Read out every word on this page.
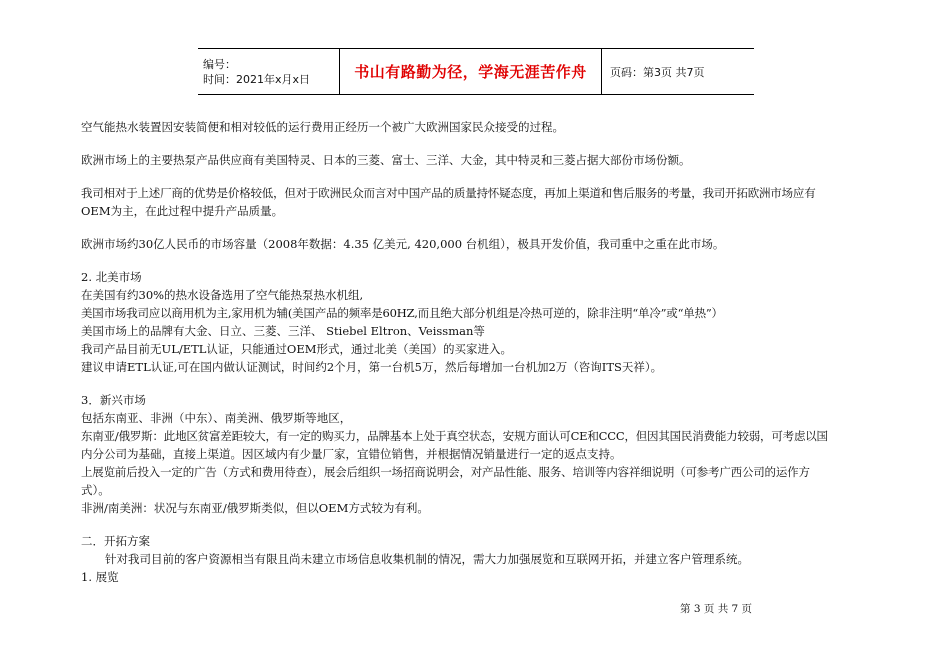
编号：
时间：2021年x月x日	书山有路勤为径，学海无涯苦作舟	页码：第3页 共7页

空气能热水装置因安装简便和相对较低的运行费用正经历一个被广大欧洲国家民众接受的过程。

欧洲市场上的主要热泵产品供应商有美国特灵、日本的三菱、富士、三洋、大金，其中特灵和三菱占据大部份市场份额。

我司相对于上述厂商的优势是价格较低，但对于欧洲民众而言对中国产品的质量持怀疑态度，再加上渠道和售后服务的考量，我司开拓欧洲市场应有

OEM为主，在此过程中提升产品质量。

欧洲市场约30亿人民币的市场容量（2008年数据：4.35 亿美元, 420,000 台机组），极具开发价值，我司重中之重在此市场。

2. 北美市场

在美国有约30%的热水设备选用了空气能热泵热水机组,

美国市场我司应以商用机为主,家用机为辅(美国产品的频率是60HZ,而且绝大部分机组是冷热可逆的，除非注明“单冷”或“单热”）

美国市场上的品牌有大金、日立、三菱、三洋、 Stiebel Eltron、Veissman等

我司产品目前无UL/ETL认证，只能通过OEM形式，通过北美（美国）的买家进入。

建议申请ETL认证,可在国内做认证测试，时间约2个月，第一台机5万，然后每增加一台机加2万（咨询ITS天祥）。

3．新兴市场

包括东南亚、非洲（中东）、南美洲、俄罗斯等地区，

东南亚/俄罗斯：此地区贫富差距较大，有一定的购买力，品牌基本上处于真空状态，安规方面认可CE和CCC，但因其国民消费能力较弱，可考虑以国

内分公司为基础，直接上渠道。因区域内有少量厂家，宜错位销售，并根据情况销量进行一定的返点支持。

上展览前后投入一定的广告（方式和费用待查），展会后组织一场招商说明会，对产品性能、服务、培训等内容祥细说明（可参考广西公司的运作方

式）。

非洲/南美洲：状况与东南亚/俄罗斯类似，但以OEM方式较为有利。

二．开拓方案

针对我司目前的客户资源相当有限且尚未建立市场信息收集机制的情况，需大力加强展览和互联网开拓，并建立客户管理系统。

1. 展览

第 3 页 共 7 页
